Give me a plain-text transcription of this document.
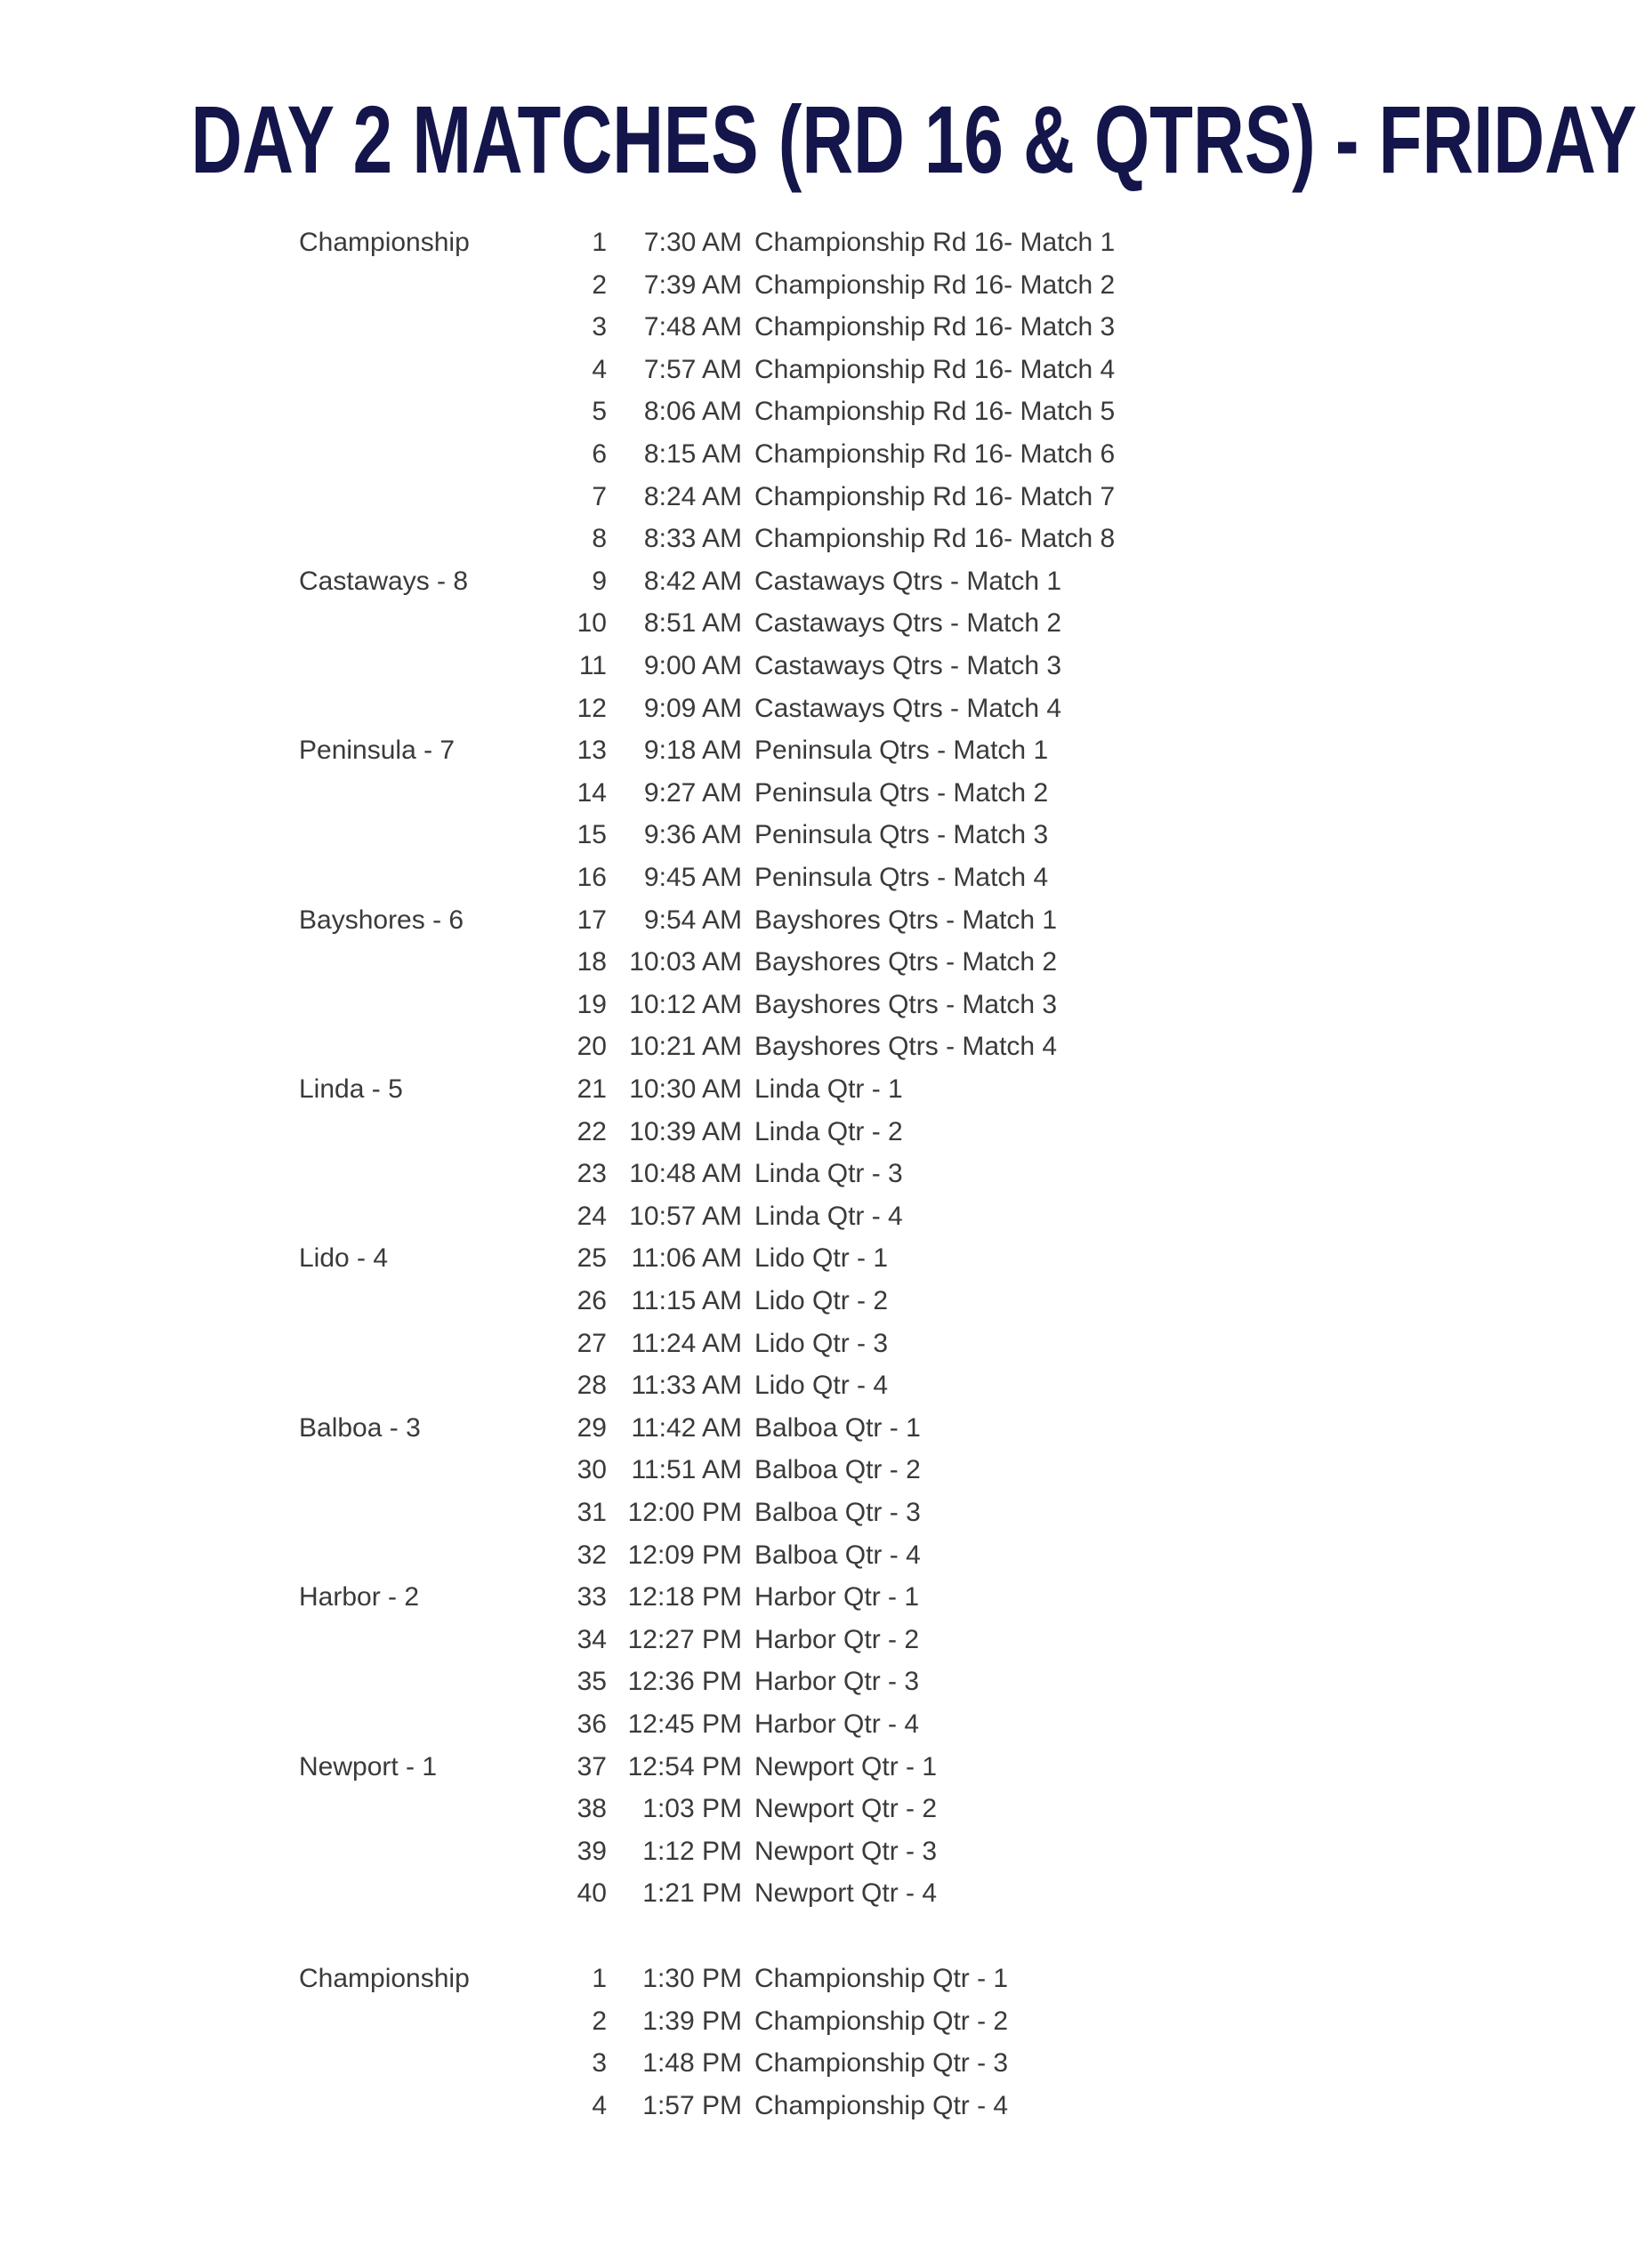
DAY 2 MATCHES (RD 16 & QTRS) - FRIDAY
Championship	1	7:30 AM Championship Rd 16- Match 1
2	7:39 AM Championship Rd 16- Match 2
3	7:48 AM Championship Rd 16- Match 3
4	7:57 AM Championship Rd 16- Match 4
5	8:06 AM Championship Rd 16- Match 5
6	8:15 AM Championship Rd 16- Match 6
7	8:24 AM Championship Rd 16- Match 7
8	8:33 AM Championship Rd 16- Match 8
Castaways - 8	9	8:42 AM Castaways Qtrs - Match 1
10	8:51 AM Castaways Qtrs - Match 2
11	9:00 AM Castaways Qtrs - Match 3
12	9:09 AM Castaways Qtrs - Match 4
Peninsula - 7	13	9:18 AM Peninsula Qtrs - Match 1
14	9:27 AM Peninsula Qtrs - Match 2
15	9:36 AM Peninsula Qtrs - Match 3
16	9:45 AM Peninsula Qtrs - Match 4
Bayshores - 6	17	9:54 AM Bayshores Qtrs - Match 1
18 10:03 AM Bayshores Qtrs - Match 2
19 10:12 AM Bayshores Qtrs - Match 3
20 10:21 AM Bayshores Qtrs - Match 4
Linda - 5	21 10:30 AM Linda Qtr - 1
22 10:39 AM Linda Qtr - 2
23 10:48 AM Linda Qtr - 3
24 10:57 AM Linda Qtr - 4
Lido - 4	25 11:06 AM Lido Qtr - 1
26 11:15 AM Lido Qtr - 2
27 11:24 AM Lido Qtr - 3
28 11:33 AM Lido Qtr - 4
Balboa - 3	29 11:42 AM Balboa Qtr - 1
30 11:51 AM Balboa Qtr - 2
31 12:00 PM Balboa Qtr - 3
32 12:09 PM Balboa Qtr - 4
Harbor - 2	33 12:18 PM Harbor Qtr - 1
34 12:27 PM Harbor Qtr - 2
35 12:36 PM Harbor Qtr - 3
36 12:45 PM Harbor Qtr - 4
Newport - 1	37 12:54 PM Newport Qtr - 1
38	1:03 PM Newport Qtr - 2
39	1:12 PM Newport Qtr - 3
40	1:21 PM Newport Qtr - 4
Championship	1	1:30 PM Championship Qtr - 1
2	1:39 PM Championship Qtr - 2
3	1:48 PM Championship Qtr - 3
4	1:57 PM Championship Qtr - 4
